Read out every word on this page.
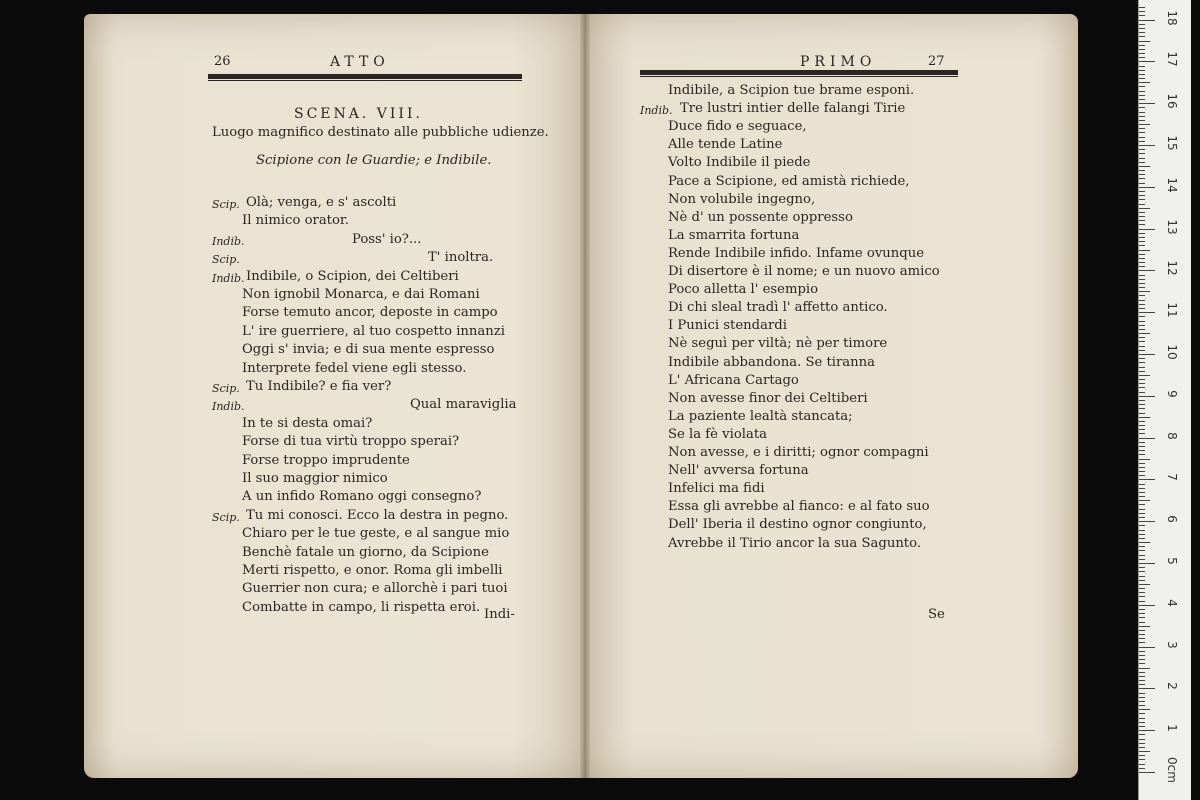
26	ATTO
SCENA. VIII.
Luogo magnifico destinato alle pubbliche udienze.
Scipione con le Guardie; e Indibile.
Scip. Olà; venga, e s' ascolti
Il nimico orator.
Indib.	Poss' io?...
Scip.	T' inoltra.
Indib. Indibile, o Scipion, dei Celtiberi
Non ignobil Monarca, e dai Romani
Forse temuto ancor, deposte in campo
L' ire guerriere, al tuo cospetto innanzi
Oggi s' invia; e di sua mente espresso
Interprete fedel viene egli stesso.
Scip. Tu Indibile? e fia ver?
Indib.	Qual maraviglia
In te si desta omai?
Forse di tua virtù troppo sperai?
Forse troppo imprudente
Il suo maggior nimico
A un infido Romano oggi consegno?
Scip. Tu mi conosci. Ecco la destra in pegno.
Chiaro per le tue geste, e al sangue mio
Benchè fatale un giorno, da Scipione
Merti rispetto, e onor. Roma gli imbelli
Guerrier non cura; e allorchè i pari tuoi
Combatte in campo, li rispetta eroi. Indi-
PRIMO	27
Indibile, a Scipion tue brame esponi.
Indib. Tre lustri intier delle falangi Tirie
Duce fido e seguace,
Alle tende Latine
Volto Indibile il piede
Pace a Scipione, ed amistà richiede,
Non volubile ingegno,
Nè d' un possente oppresso
La smarrita fortuna
Rende Indibile infido. Infame ovunque
Di disertore è il nome; e un nuovo amico
Poco alletta l' esempio
Di chi sleal tradì l' affetto antico.
I Punici stendardi
Nè seguì per viltà; nè per timore
Indibile abbandona. Se tiranna
L' Africana Cartago
Non avesse finor dei Celtiberi
La paziente lealtà stancata;
Se la fè violata
Non avesse, e i diritti; ognor compagni
Nell' avversa fortuna
Infelici ma fidi
Essa gli avrebbe al fianco: e al fato suo
Dell' Iberia il destino ognor congiunto,
Avrebbe il Tirio ancor la sua Sagunto.
Se
0cm
1
2
3
4
5
6
7
8
9
10
11
12
13
14
15
16
17
18
